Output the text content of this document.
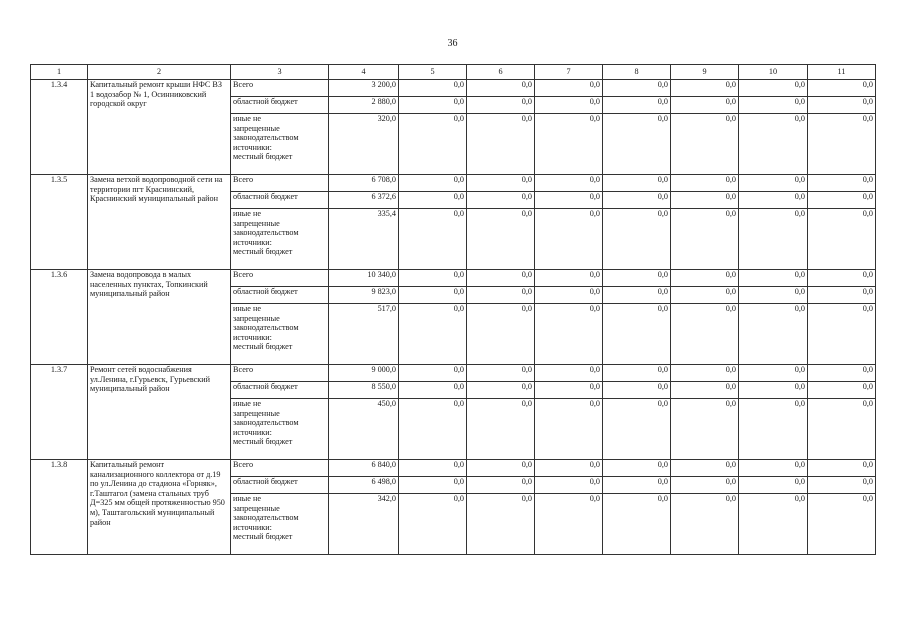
36
1	2	3	4	5	6	7	8	9	10	11
1.3.4	Капитальный ремонт крыши НФС ВЗ 1 водозабор № 1, Осинниковский городской округ	Всего	3 200,0	0,0	0,0	0,0	0,0	0,0	0,0	0,0
		областной бюджет	2 880,0	0,0	0,0	0,0	0,0	0,0	0,0	0,0

		иные не
запрещенные
законодательством
источники:
местный бюджет	320,0	0,0	0,0	0,0	0,0	0,0	0,0	0,0
1.3.5	Замена ветхой водопроводной сети на территории пгт Краснинский, Краснинский муниципальный район	Всего	6 708,0	0,0	0,0	0,0	0,0	0,0	0,0	0,0
		областной бюджет	6 372,6	0,0	0,0	0,0	0,0	0,0	0,0	0,0

		иные не
запрещенные
законодательством
источники:
местный бюджет	335,4	0,0	0,0	0,0	0,0	0,0	0,0	0,0
1.3.6	Замена водопровода в малых населенных пунктах, Топкинский муниципальный район	Всего	10 340,0	0,0	0,0	0,0	0,0	0,0	0,0	0,0
		областной бюджет	9 823,0	0,0	0,0	0,0	0,0	0,0	0,0	0,0

		иные не
запрещенные
законодательством
источники:
местный бюджет	517,0	0,0	0,0	0,0	0,0	0,0	0,0	0,0
1.3.7	Ремонт сетей водоснабжения ул.Ленина, г.Гурьевск, Гурьевский муниципальный район	Всего	9 000,0	0,0	0,0	0,0	0,0	0,0	0,0	0,0
		областной бюджет	8 550,0	0,0	0,0	0,0	0,0	0,0	0,0	0,0

		иные не
запрещенные
законодательством
источники:
местный бюджет	450,0	0,0	0,0	0,0	0,0	0,0	0,0	0,0
1.3.8	Капитальный ремонт канализационного коллектора от д.19 по ул.Ленина до стадиона «Горняк», г.Таштагол (замена стальных труб Д=325 мм общей протяженностью 950 м), Таштагольский муниципальный район	Всего	6 840,0	0,0	0,0	0,0	0,0	0,0	0,0	0,0
		областной бюджет	6 498,0	0,0	0,0	0,0	0,0	0,0	0,0	0,0

		иные не
запрещенные
законодательством
источники:
местный бюджет	342,0	0,0	0,0	0,0	0,0	0,0	0,0	0,0
